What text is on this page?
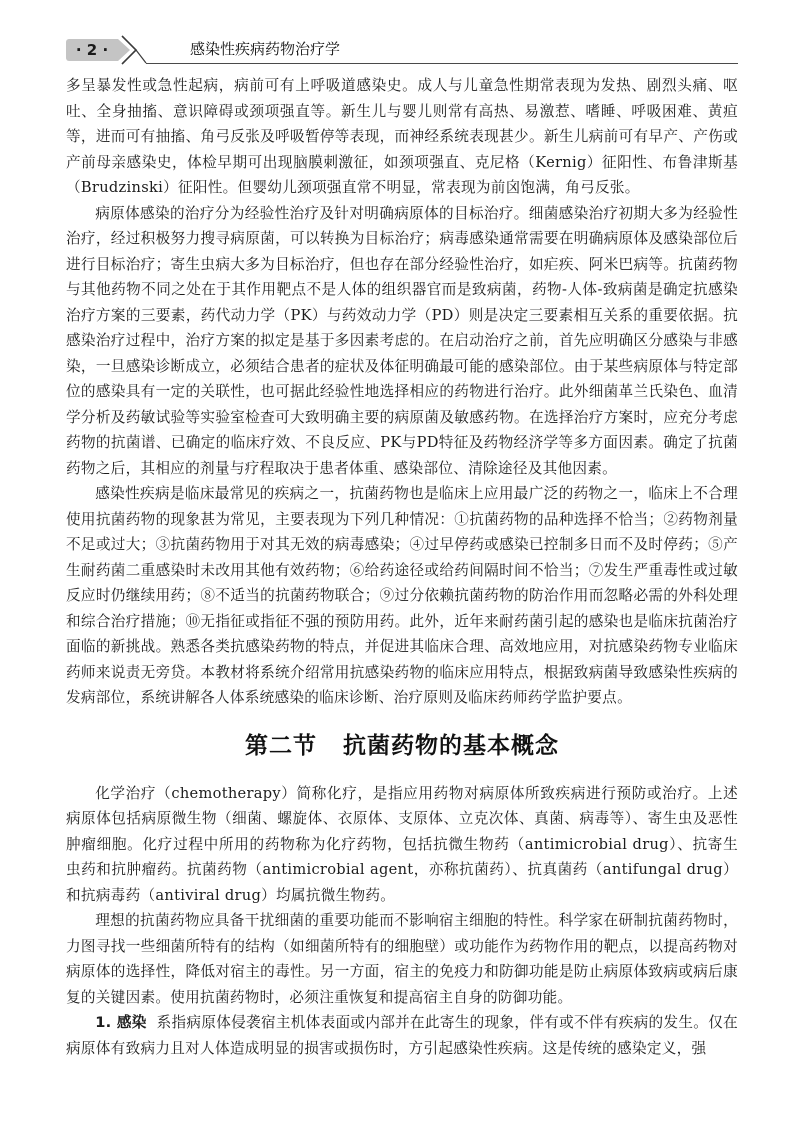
· 2 ·	感染性疾病药物治疗学

多呈暴发性或急性起病，病前可有上呼吸道感染史。成人与儿童急性期常表现为发热、剧烈头痛、呕吐、全身抽搐、意识障碍或颈项强直等。新生儿与婴儿则常有高热、易激惹、嗜睡、呼吸困难、黄疸等，进而可有抽搐、角弓反张及呼吸暂停等表现，而神经系统表现甚少。新生儿病前可有早产、产伤或产前母亲感染史，体检早期可出现脑膜刺激征，如颈项强直、克尼格（Kernig）征阳性、布鲁津斯基（Brudzinski）征阳性。但婴幼儿颈项强直常不明显，常表现为前囟饱满，角弓反张。

病原体感染的治疗分为经验性治疗及针对明确病原体的目标治疗。细菌感染治疗初期大多为经验性治疗，经过积极努力搜寻病原菌，可以转换为目标治疗；病毒感染通常需要在明确病原体及感染部位后进行目标治疗；寄生虫病大多为目标治疗，但也存在部分经验性治疗，如疟疾、阿米巴病等。抗菌药物与其他药物不同之处在于其作用靶点不是人体的组织器官而是致病菌，药物-人体-致病菌是确定抗感染治疗方案的三要素，药代动力学（PK）与药效动力学（PD）则是决定三要素相互关系的重要依据。抗感染治疗过程中，治疗方案的拟定是基于多因素考虑的。在启动治疗之前，首先应明确区分感染与非感染，一旦感染诊断成立，必须结合患者的症状及体征明确最可能的感染部位。由于某些病原体与特定部位的感染具有一定的关联性，也可据此经验性地选择相应的药物进行治疗。此外细菌革兰氏染色、血清学分析及药敏试验等实验室检查可大致明确主要的病原菌及敏感药物。在选择治疗方案时，应充分考虑药物的抗菌谱、已确定的临床疗效、不良反应、PK与PD特征及药物经济学等多方面因素。确定了抗菌药物之后，其相应的剂量与疗程取决于患者体重、感染部位、清除途径及其他因素。

感染性疾病是临床最常见的疾病之一，抗菌药物也是临床上应用最广泛的药物之一，临床上不合理使用抗菌药物的现象甚为常见，主要表现为下列几种情况：①抗菌药物的品种选择不恰当；②药物剂量不足或过大；③抗菌药物用于对其无效的病毒感染；④过早停药或感染已控制多日而不及时停药；⑤产生耐药菌二重感染时未改用其他有效药物；⑥给药途径或给药间隔时间不恰当；⑦发生严重毒性或过敏反应时仍继续用药；⑧不适当的抗菌药物联合；⑨过分依赖抗菌药物的防治作用而忽略必需的外科处理和综合治疗措施；⑩无指征或指征不强的预防用药。此外，近年来耐药菌引起的感染也是临床抗菌治疗面临的新挑战。熟悉各类抗感染药物的特点，并促进其临床合理、高效地应用，对抗感染药物专业临床药师来说责无旁贷。本教材将系统介绍常用抗感染药物的临床应用特点，根据致病菌导致感染性疾病的发病部位，系统讲解各人体系统感染的临床诊断、治疗原则及临床药师药学监护要点。

第二节 抗菌药物的基本概念

化学治疗（chemotherapy）简称化疗，是指应用药物对病原体所致疾病进行预防或治疗。上述病原体包括病原微生物（细菌、螺旋体、衣原体、支原体、立克次体、真菌、病毒等）、寄生虫及恶性肿瘤细胞。化疗过程中所用的药物称为化疗药物，包括抗微生物药（antimicrobial drug）、抗寄生虫药和抗肿瘤药。抗菌药物（antimicrobial agent，亦称抗菌药）、抗真菌药（antifungal drug）和抗病毒药（antiviral drug）均属抗微生物药。

理想的抗菌药物应具备干扰细菌的重要功能而不影响宿主细胞的特性。科学家在研制抗菌药物时，力图寻找一些细菌所特有的结构（如细菌所特有的细胞壁）或功能作为药物作用的靶点，以提高药物对病原体的选择性，降低对宿主的毒性。另一方面，宿主的免疫力和防御功能是防止病原体致病或病后康复的关键因素。使用抗菌药物时，必须注重恢复和提高宿主自身的防御功能。

1. 感染 系指病原体侵袭宿主机体表面或内部并在此寄生的现象，伴有或不伴有疾病的发生。仅在病原体有致病力且对人体造成明显的损害或损伤时，方引起感染性疾病。这是传统的感染定义，强
